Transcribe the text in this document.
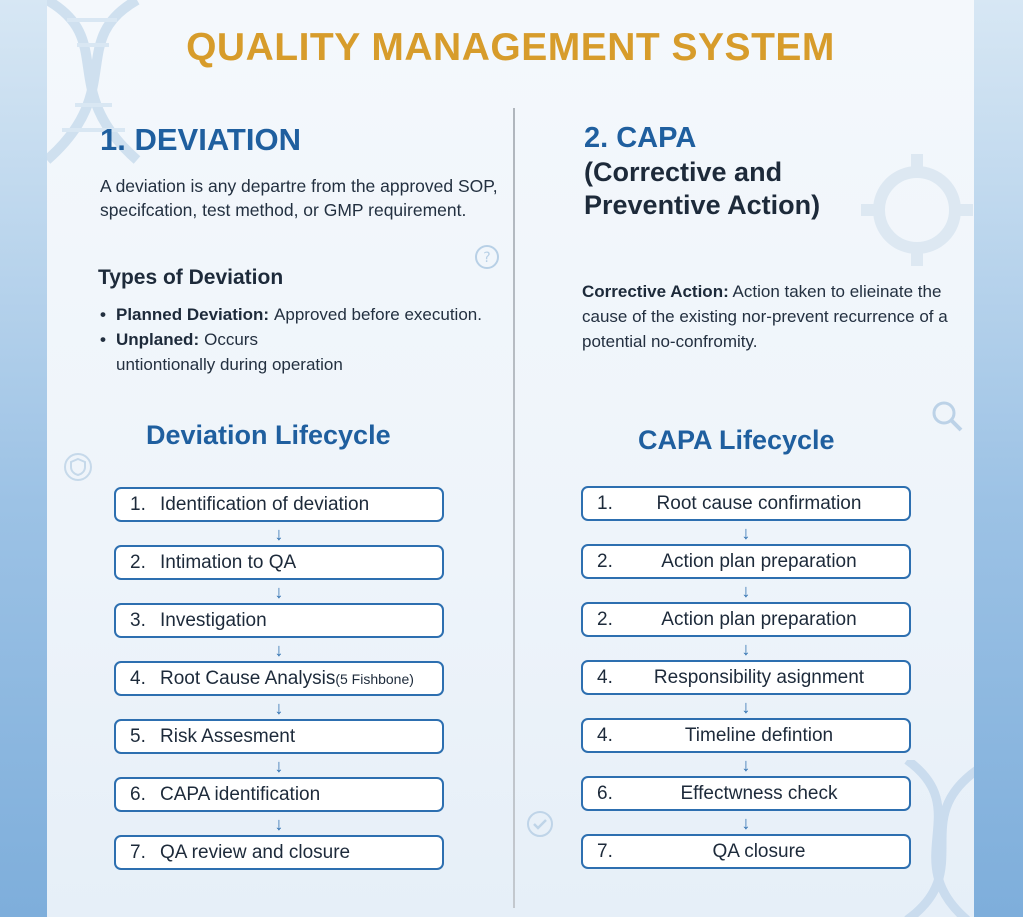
QUALITY MANAGEMENT SYSTEM
1. DEVIATION
A deviation is any departre from the approved SOP, specifcation, test method, or GMP requirement.
?
Types of Deviation
• Planned Deviation: Approved before execution.
• Unplaned: Occurs
untiontionally during operation
Deviation Lifecycle
1. Identification of deviation
↓
2. Intimation to QA
↓
3. Investigation
↓
4. Root Cause Analysis (5 Fishbone)
↓
5. Risk Assesment
↓
6. CAPA identification
↓
7. QA review and closure
2. CAPA
(Corrective and Preventive Action)
Corrective Action: Action taken to elieinate the cause of the existing nor-prevent recurrence of a potential no-confromity.
CAPA Lifecycle
1.	Root cause confirmation
↓
2.	Action plan preparation
↓
2.	Action plan preparation
↓
4.	Responsibility asignment
↓
4.	Timeline defintion
↓
6.	Effectwness check
↓
7.	QA closure
